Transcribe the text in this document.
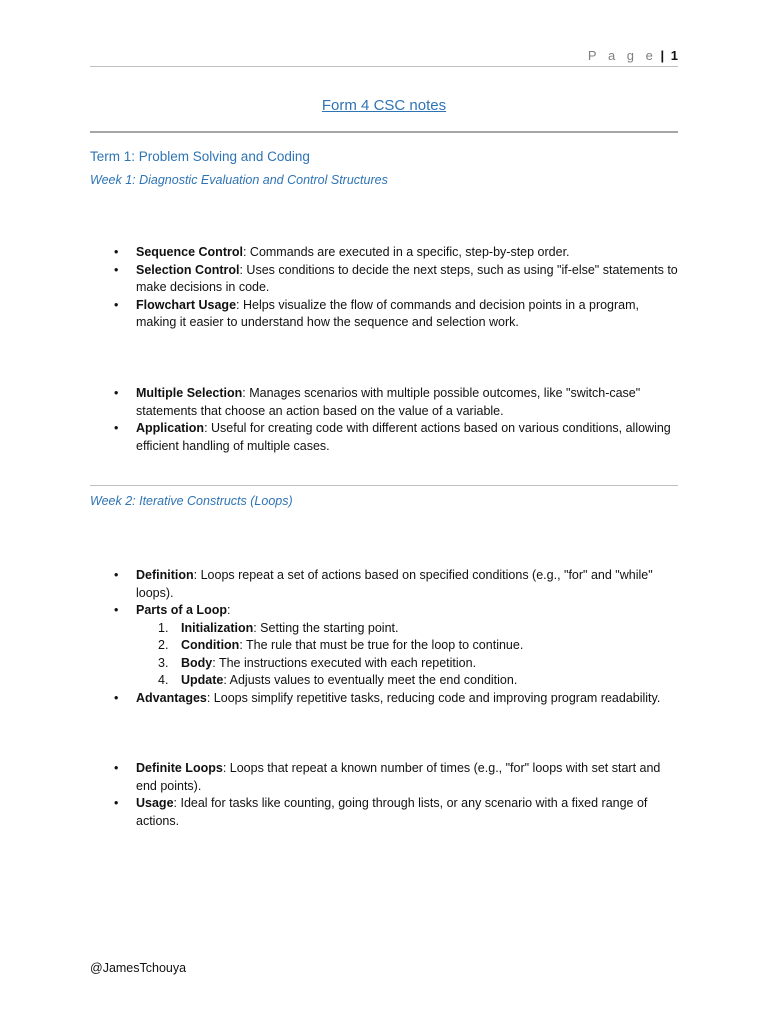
P a g e | 1
Form 4 CSC notes
Term 1: Problem Solving and Coding
Week 1: Diagnostic Evaluation and Control Structures
• Sequence Control: Commands are executed in a specific, step-by-step order.
• Selection Control: Uses conditions to decide the next steps, such as using "if-else" statements to make decisions in code.
• Flowchart Usage: Helps visualize the flow of commands and decision points in a program, making it easier to understand how the sequence and selection work.
• Multiple Selection: Manages scenarios with multiple possible outcomes, like "switch-case" statements that choose an action based on the value of a variable.
• Application: Useful for creating code with different actions based on various conditions, allowing efficient handling of multiple cases.
Week 2: Iterative Constructs (Loops)
• Definition: Loops repeat a set of actions based on specified conditions (e.g., "for" and "while" loops).
• Parts of a Loop:
1. Initialization: Setting the starting point.
2. Condition: The rule that must be true for the loop to continue.
3. Body: The instructions executed with each repetition.
4. Update: Adjusts values to eventually meet the end condition.
• Advantages: Loops simplify repetitive tasks, reducing code and improving program readability.
• Definite Loops: Loops that repeat a known number of times (e.g., "for" loops with set start and end points).
• Usage: Ideal for tasks like counting, going through lists, or any scenario with a fixed range of actions.
@JamesTchouya
